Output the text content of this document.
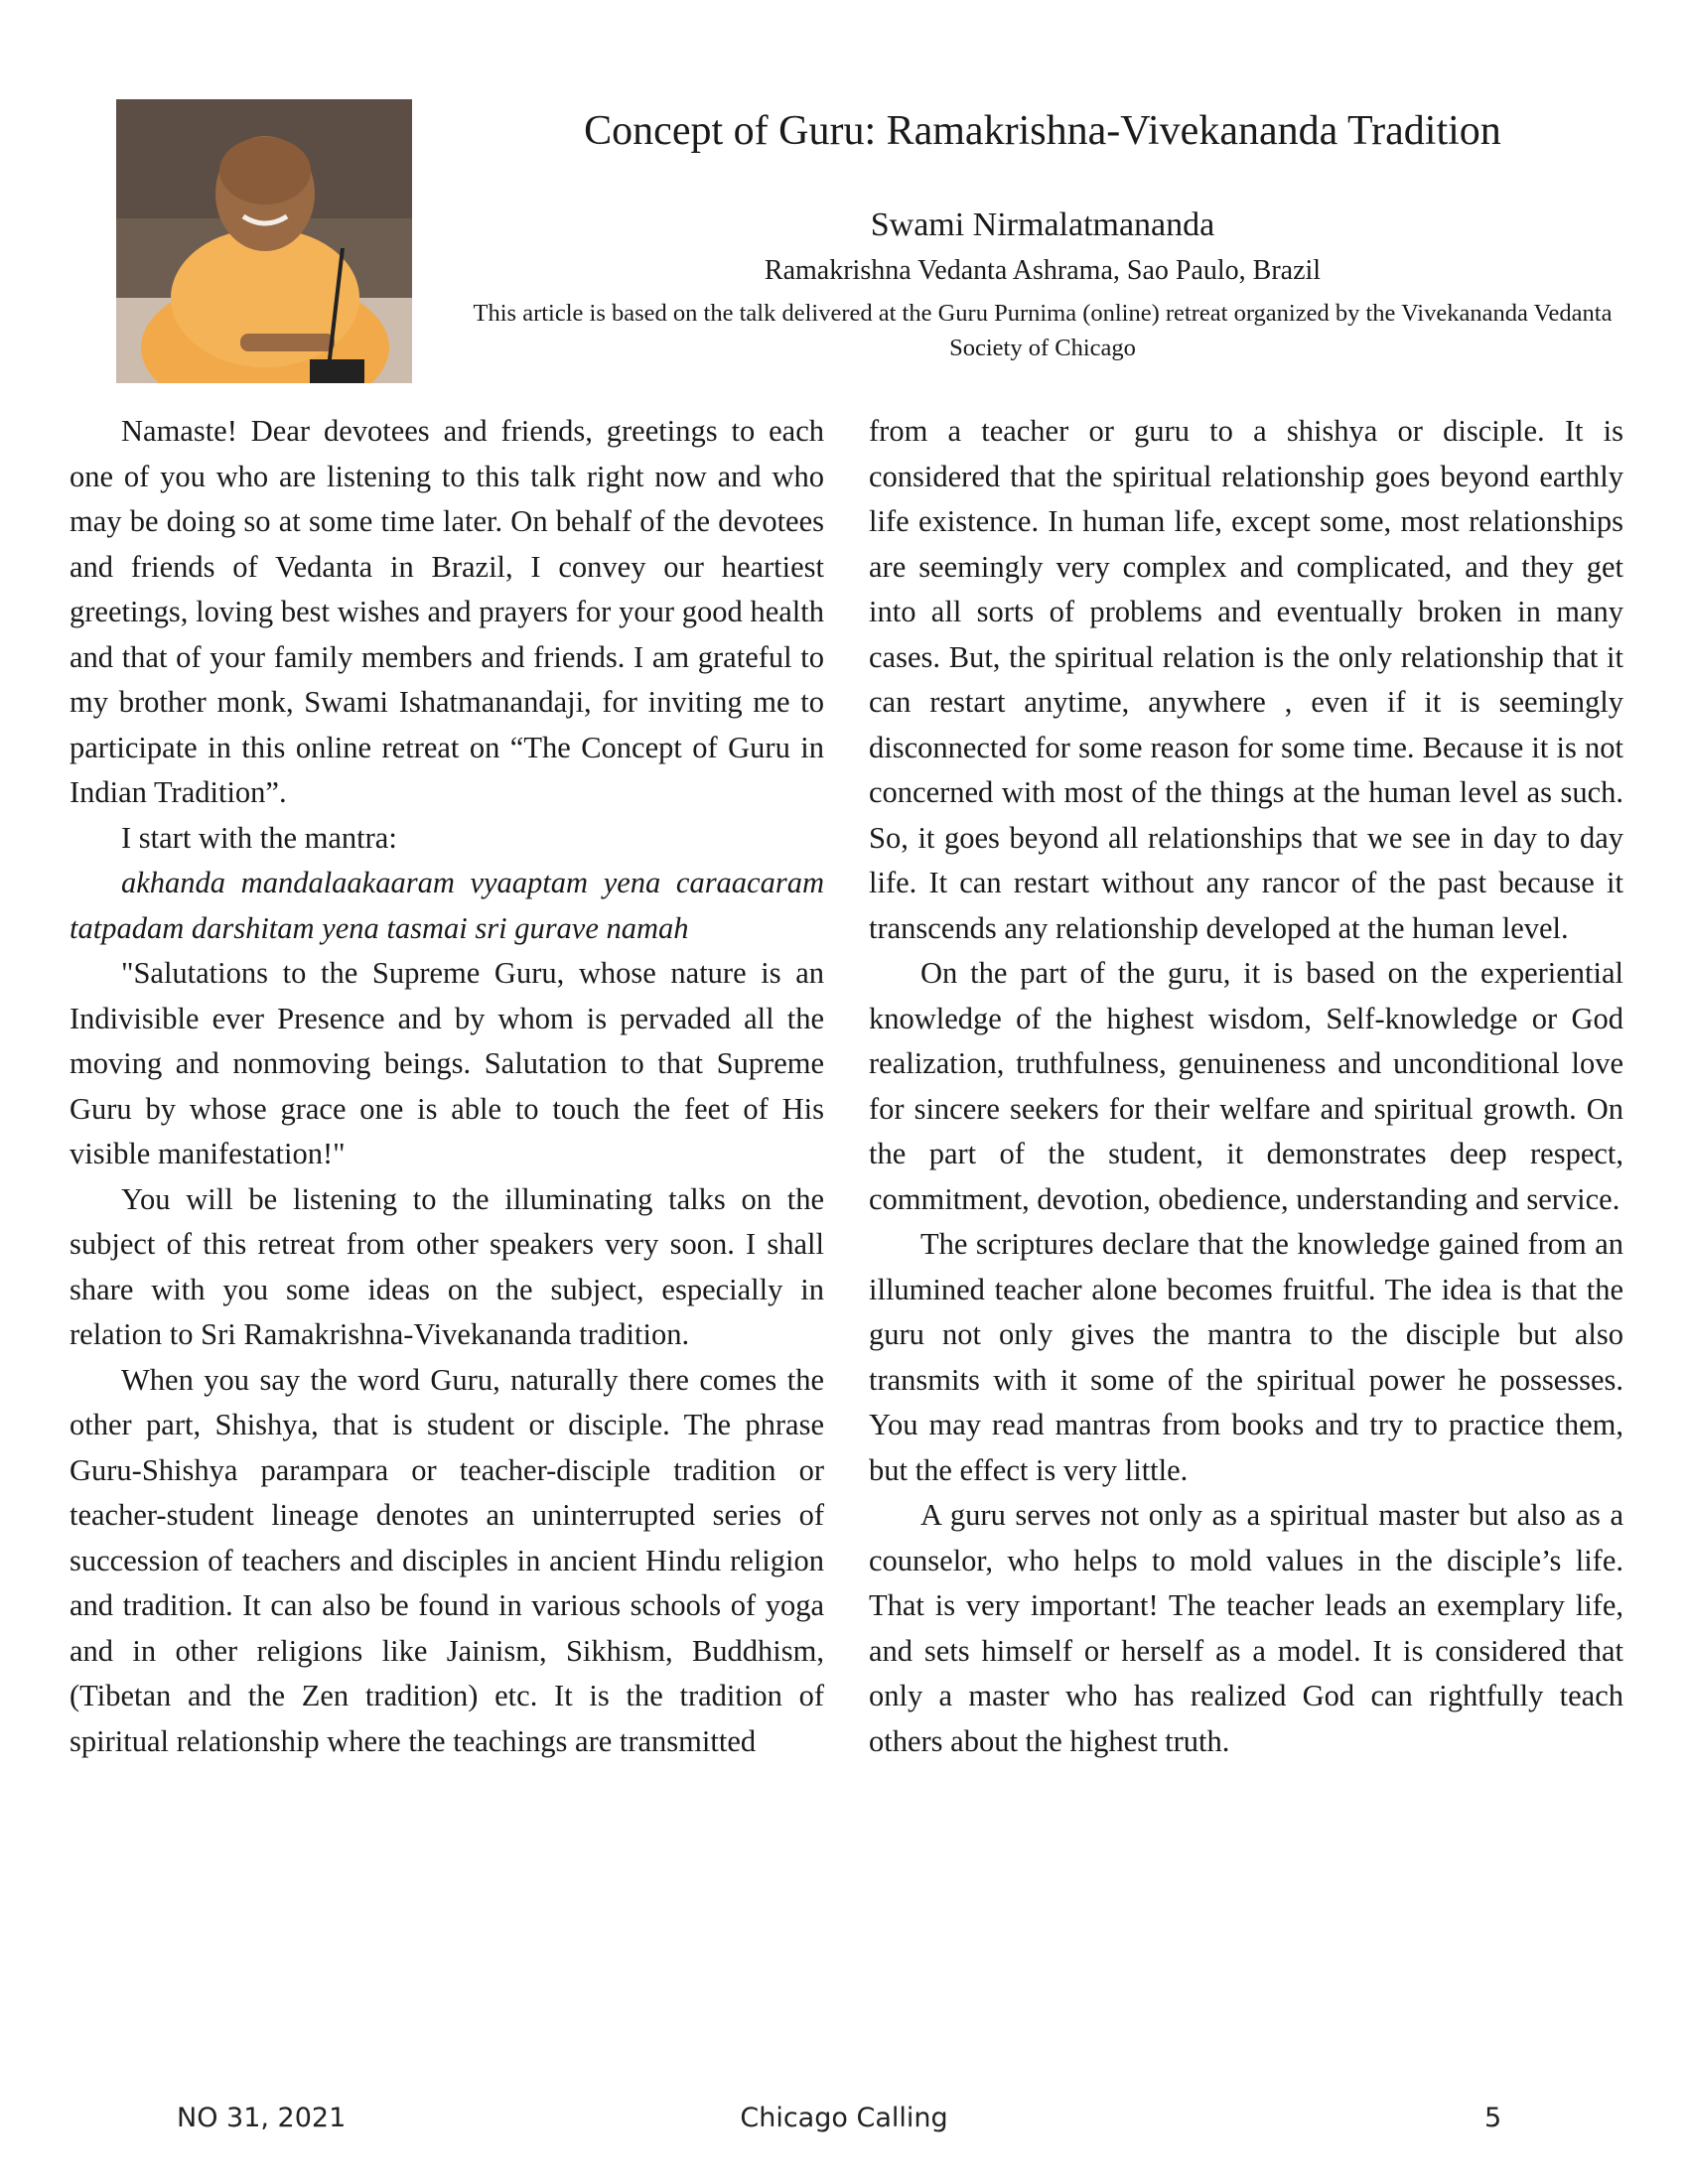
Concept of Guru: Ramakrishna-Vivekananda Tradition
Swami Nirmalatmananda
Ramakrishna Vedanta Ashrama, Sao Paulo, Brazil
This article is based on the talk delivered at the Guru Purnima (online) retreat organized by the Vivekananda Vedanta Society of Chicago

Namaste! Dear devotees and friends, greetings to each one of you who are listening to this talk right now and who may be doing so at some time later. On behalf of the devotees and friends of Vedanta in Brazil, I convey our heartiest greetings, loving best wishes and prayers for your good health and that of your family members and friends. I am grateful to my brother monk, Swami Ishatmanandaji, for inviting me to participate in this online retreat on “The Concept of Guru in Indian Tradition”.

I start with the mantra:

akhanda mandalaakaaram vyaaptam yena caraacaram tatpadam darshitam yena tasmai sri gurave namah

"Salutations to the Supreme Guru, whose nature is an Indivisible ever Presence and by whom is pervaded all the moving and nonmoving beings. Salutation to that Supreme Guru by whose grace one is able to touch the feet of His visible manifestation!"

You will be listening to the illuminating talks on the subject of this retreat from other speakers very soon. I shall share with you some ideas on the subject, especially in relation to Sri Ramakrishna-Vivekananda tradition.

When you say the word Guru, naturally there comes the other part, Shishya, that is student or disciple. The phrase Guru-Shishya parampara or teacher-disciple tradition or teacher-student lineage denotes an uninterrupted series of succession of teachers and disciples in ancient Hindu religion and tradition. It can also be found in various schools of yoga and in other religions like Jainism, Sikhism, Buddhism, (Tibetan and the Zen tradition) etc. It is the tradition of spiritual relationship where the teachings are transmitted

from a teacher or guru to a shishya or disciple. It is considered that the spiritual relationship goes beyond earthly life existence. In human life, except some, most relationships are seemingly very complex and complicated, and they get into all sorts of problems and eventually broken in many cases. But, the spiritual relation is the only relationship that it can restart anytime, anywhere , even if it is seemingly disconnected for some reason for some time. Because it is not concerned with most of the things at the human level as such. So, it goes beyond all relationships that we see in day to day life. It can restart without any rancor of the past because it transcends any relationship developed at the human level.

On the part of the guru, it is based on the experiential knowledge of the highest wisdom, Self-knowledge or God realization, truthfulness, genuineness and unconditional love for sincere seekers for their welfare and spiritual growth. On the part of the student, it demonstrates deep respect, commitment, devotion, obedience, understanding and service.

The scriptures declare that the knowledge gained from an illumined teacher alone becomes fruitful. The idea is that the guru not only gives the mantra to the disciple but also transmits with it some of the spiritual power he possesses. You may read mantras from books and try to practice them, but the effect is very little.

A guru serves not only as a spiritual master but also as a counselor, who helps to mold values in the disciple’s life. That is very important! The teacher leads an exemplary life, and sets himself or herself as a model. It is considered that only a master who has realized God can rightfully teach others about the highest truth.

NO 31, 2021	Chicago Calling	5
